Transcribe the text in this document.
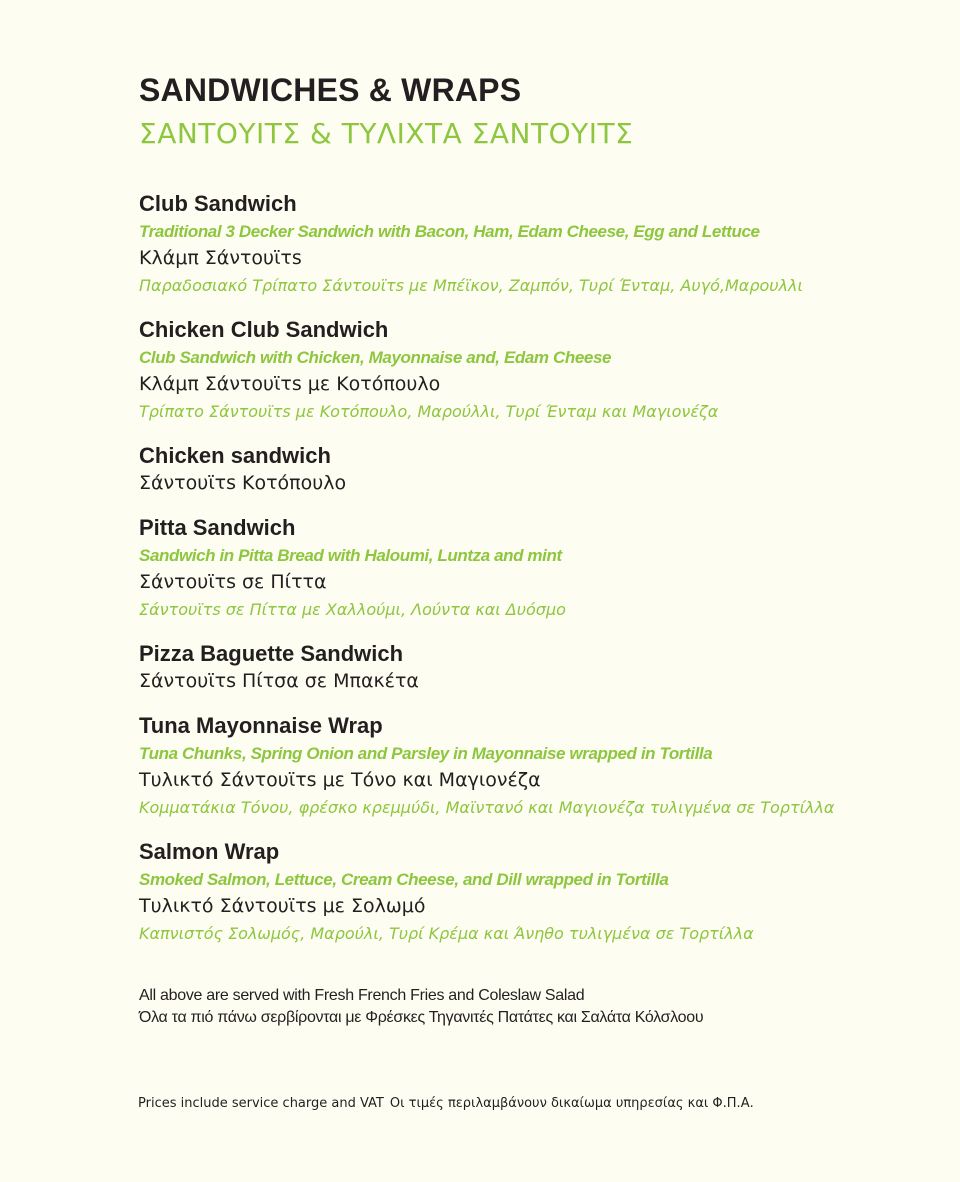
SANDWICHES & WRAPS
ΣΑΝΤΟΥΙΤΣ & ΤΥΛΙΧΤΑ ΣΑΝΤΟΥΙΤΣ
Club Sandwich
Traditional 3 Decker Sandwich with Bacon, Ham, Edam Cheese, Egg and Lettuce
Κλάμπ Σάντουϊτs
Παραδοσιακό Τρίπατο Σάντουϊτs με Μπέϊκον, Ζαμπόν, Τυρί Ένταμ, Αυγό,Μαρουλλι
Chicken Club Sandwich
Club Sandwich with Chicken, Mayonnaise and, Edam Cheese
Κλάμπ Σάντουϊτs με Κοτόπουλο
Τρίπατο Σάντουϊτs με Κοτόπουλο, Μαρούλλι, Τυρί Ένταμ και Μαγιονέζα
Chicken sandwich
Σάντουϊτs Κοτόπουλο
Pitta Sandwich
Sandwich in Pitta Bread with Haloumi, Luntza and mint
Σάντουϊτs σε Πίττα
Σάντουϊτs σε Πίττα με Χαλλούμι, Λούντα και Δυόσμο
Pizza Baguette Sandwich
Σάντουϊτs Πίτσα σε Μπακέτα
Tuna Mayonnaise Wrap
Tuna Chunks, Spring Onion and Parsley in Mayonnaise wrapped in Tortilla
Τυλικτό Σάντουϊτs με Τόνο και Μαγιονέζα
Κομματάκια Τόνου, φρέσκο κρεμμύδι, Μαϊντανό και Μαγιονέζα τυλιγμένα σε Τορτίλλα
Salmon Wrap
Smoked Salmon, Lettuce, Cream Cheese, and Dill wrapped in Tortilla
Τυλικτό Σάντουϊτs με Σολωμό
Καπνιστός Σολωμός, Μαρούλι, Τυρί Κρέμα και Άνηθο τυλιγμένα σε Τορτίλλα
All above are served with Fresh French Fries and Coleslaw Salad
Όλα τα πιό πάνω σερβίρονται με Φρέσκες Τηγανιτές Πατάτες και Σαλάτα Κόλσλοου
Prices include service charge and VAT Οι τιμές περιλαμβάνουν δικαίωμα υπηρεσίας και Φ.Π.Α.
